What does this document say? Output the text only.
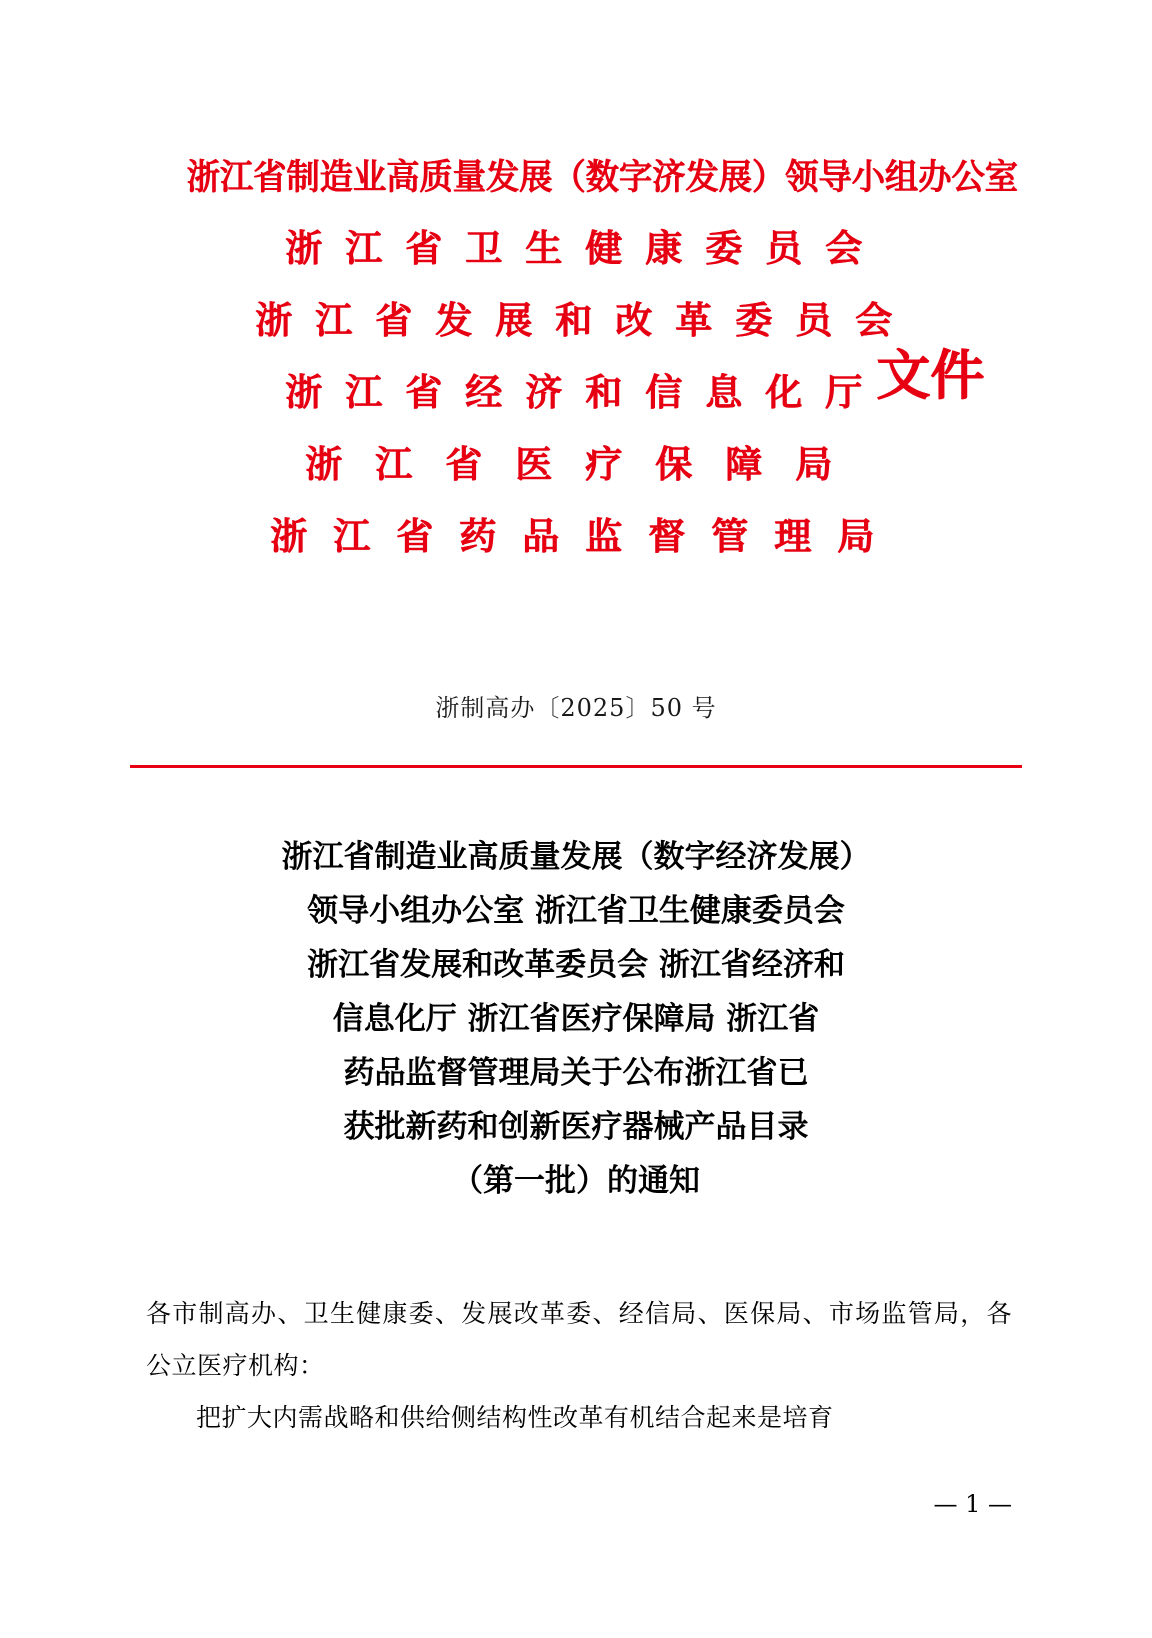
浙江省制造业高质量发展（数字济发展）领导小组办公室
浙江省卫生健康委员会
浙江省发展和改革委员会
浙江省经济和信息化厅
浙江省医疗保障局
浙江省药品监督管理局
文件
浙制高办〔2025〕50 号
浙江省制造业高质量发展（数字经济发展）
领导小组办公室 浙江省卫生健康委员会
浙江省发展和改革委员会 浙江省经济和
信息化厅 浙江省医疗保障局 浙江省
药品监督管理局关于公布浙江省已
获批新药和创新医疗器械产品目录
（第一批）的通知

各市制高办、卫生健康委、发展改革委、经信局、医保局、市场监管局，各公立医疗机构：

把扩大内需战略和供给侧结构性改革有机结合起来是培育

— 1 —
